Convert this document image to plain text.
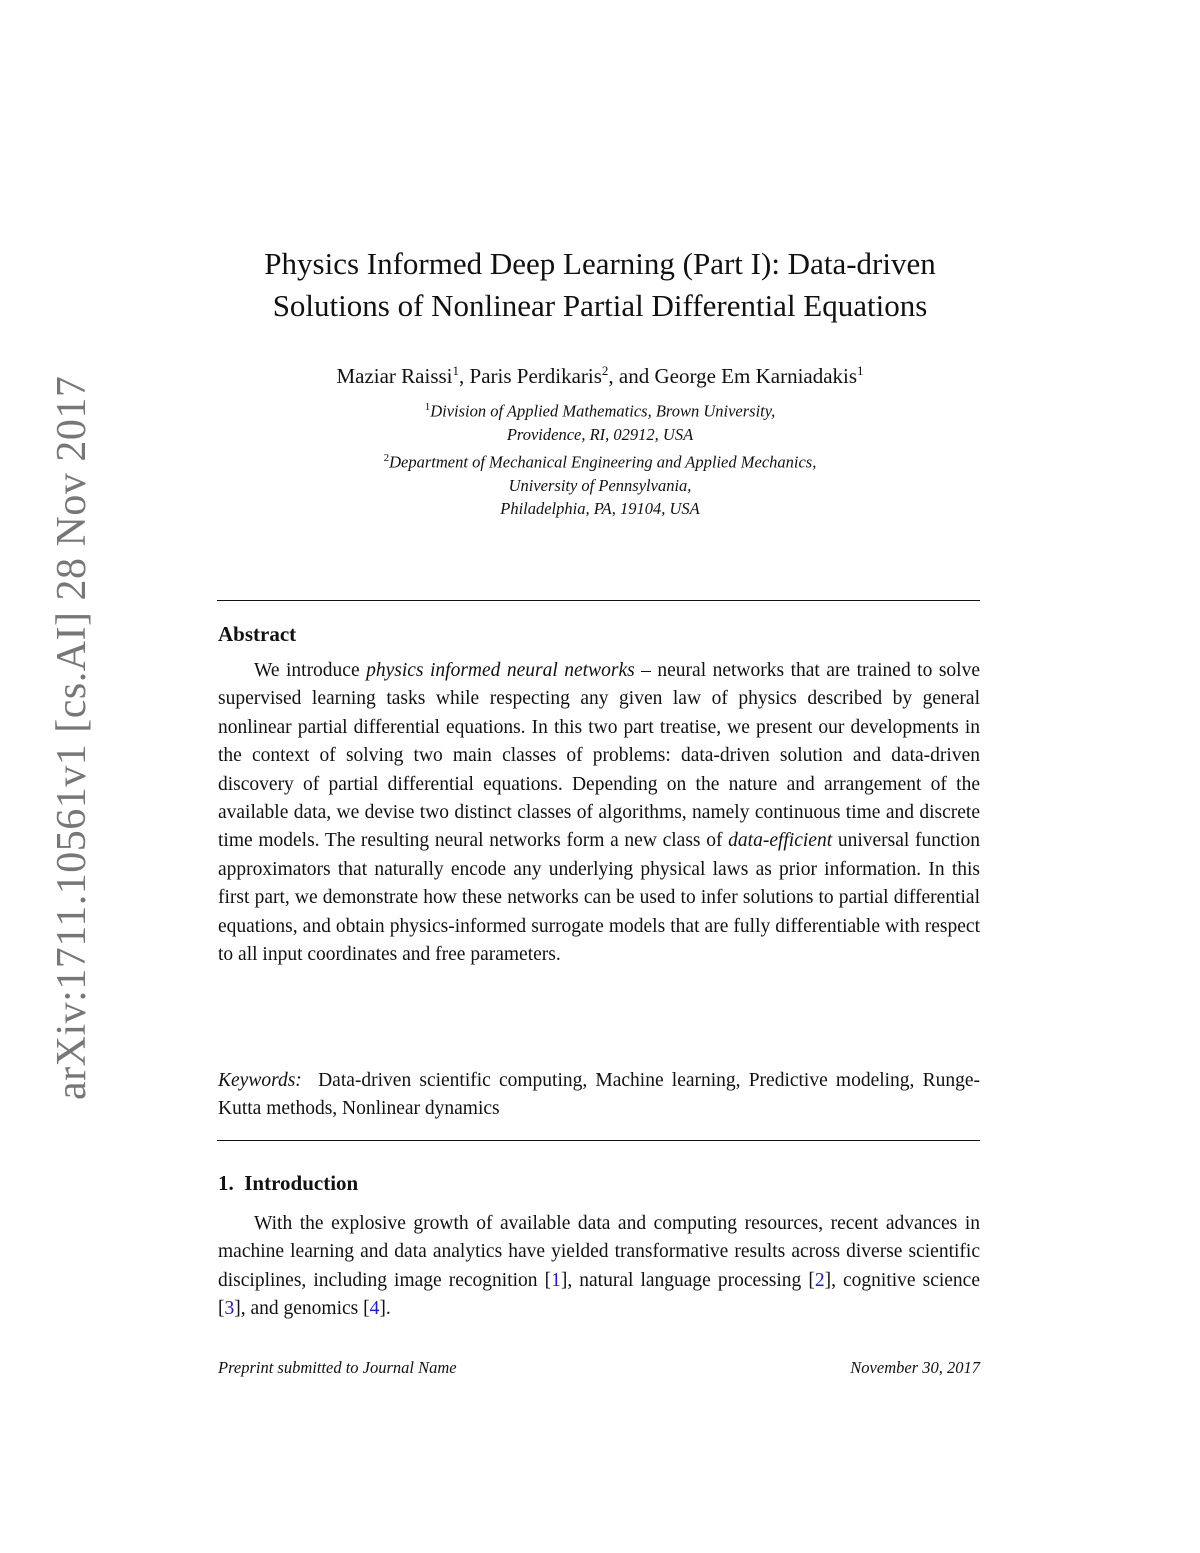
arXiv:1711.10561v1 [cs.AI] 28 Nov 2017
Physics Informed Deep Learning (Part I): Data-driven
Solutions of Nonlinear Partial Differential Equations
Maziar Raissi$^1$, Paris Perdikaris$^2$, and George Em Karniadakis$^1$
$^1$Division of Applied Mathematics, Brown University,
Providence, RI, 02912, USA
$^2$Department of Mechanical Engineering and Applied Mechanics,
University of Pennsylvania,
Philadelphia, PA, 19104, USA
Abstract
We introduce physics informed neural networks – neural networks that are trained to solve supervised learning tasks while respecting any given law of physics described by general nonlinear partial differential equations. In this two part treatise, we present our developments in the context of solving two main classes of problems: data-driven solution and data-driven discovery of partial differential equations. Depending on the nature and arrangement of the available data, we devise two distinct classes of algorithms, namely continuous time and discrete time models. The resulting neural networks form a new class of data-efficient universal function approximators that naturally encode any underlying physical laws as prior information. In this first part, we demonstrate how these networks can be used to infer solutions to partial differential equations, and obtain physics-informed surrogate models that are fully differentiable with respect to all input coordinates and free parameters.
Keywords:  Data-driven scientific computing, Machine learning, Predictive modeling, Runge-Kutta methods, Nonlinear dynamics
1.  Introduction
With the explosive growth of available data and computing resources, recent advances in machine learning and data analytics have yielded transformative results across diverse scientific disciplines, including image recognition [1], natural language processing [2], cognitive science [3], and genomics [4].
Preprint submitted to Journal Name	November 30, 2017
